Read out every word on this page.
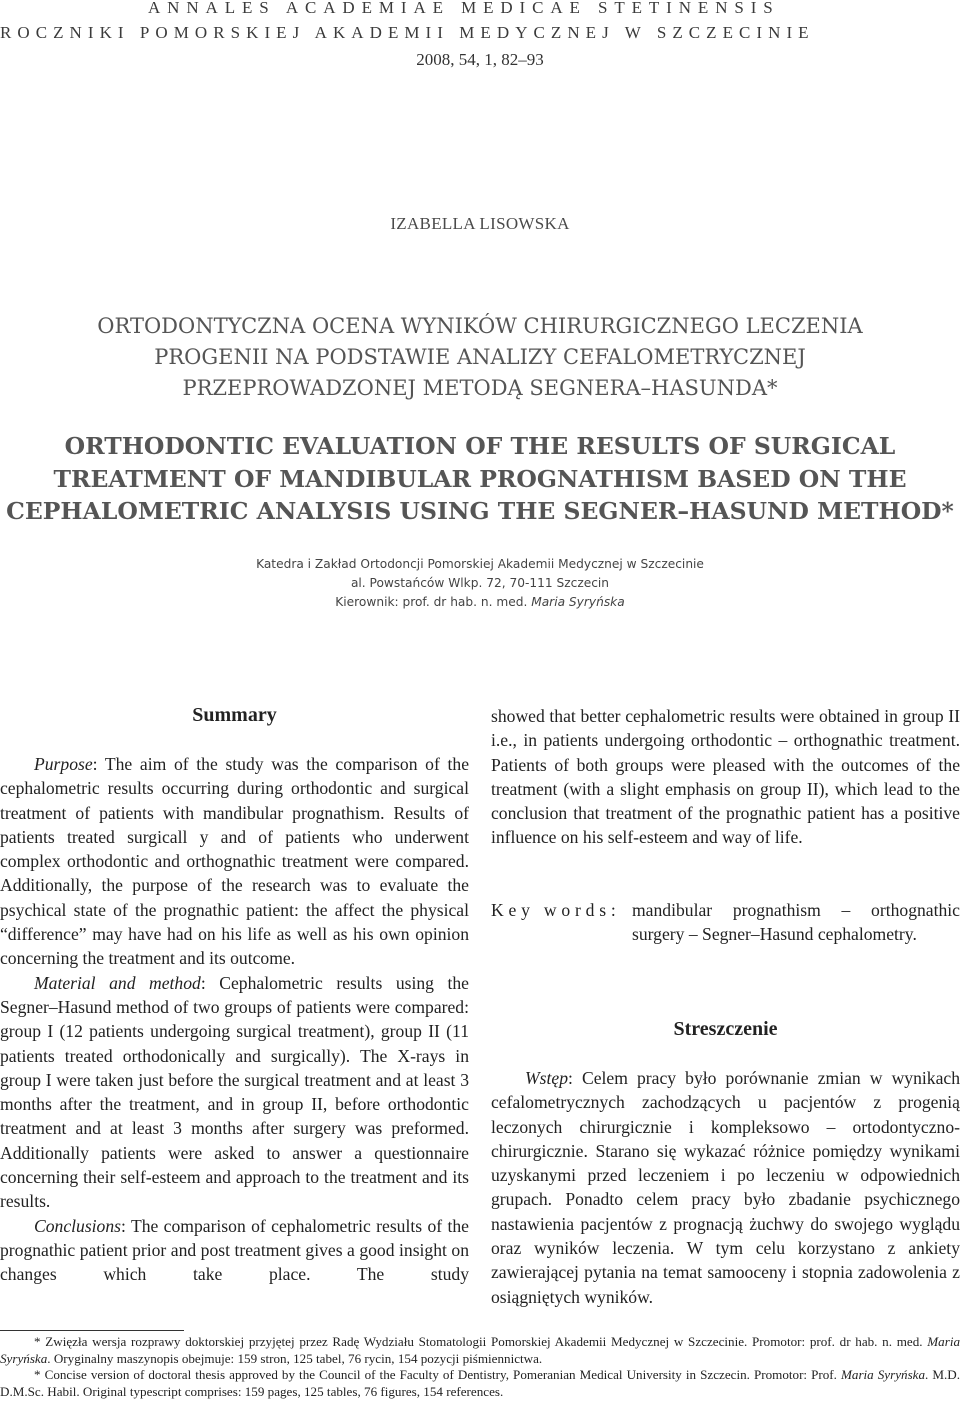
ANNALES ACADEMIAE MEDICAE STETINENSIS
ROCZNIKI POMORSKIEJ AKADEMII MEDYCZNEJ W SZCZECINIE
2008, 54, 1, 82–93
IZABELLA LISOWSKA
ORTODONTYCZNA OCENA WYNIKÓW CHIRURGICZNEGO LECZENIA
PROGENII NA PODSTAWIE ANALIZY CEFALOMETRYCZNEJ
PRZEPROWADZONEJ METODĄ SEGNERA–HASUNDA*
ORTHODONTIC EVALUATION OF THE RESULTS OF SURGICAL
TREATMENT OF MANDIBULAR PROGNATHISM BASED ON THE
CEPHALOMETRIC ANALYSIS USING THE SEGNER–HASUND METHOD*
Katedra i Zakład Ortodoncji Pomorskiej Akademii Medycznej w Szczecinie
al. Powstańców Wlkp. 72, 70-111 Szczecin
Kierownik: prof. dr hab. n. med. Maria Syryńska
Summary

Purpose: The aim of the study was the comparison of the cephalometric results occurring during orthodontic and surgical treatment of patients with mandibular prognathism. Results of patients treated surgicall y and of patients who underwent complex orthodontic and orthognathic treatment were compared. Additionally, the purpose of the research was to evaluate the psychical state of the prognathic patient: the affect the physical “difference” may have had on his life as well as his own opinion concerning the treatment and its outcome.

Material and method: Cephalometric results using the Segner–Hasund method of two groups of patients were compared: group I (12 patients undergoing surgical treatment), group II (11 patients treated orthodonically and surgically). The X-rays in group I were taken just before the surgical treatment and at least 3 months after the treatment, and in group II, before orthodontic treatment and at least 3 months after surgery was preformed. Additionally patients were asked to answer a questionnaire concerning their self-esteem and approach to the treatment and its results.

Conclusions: The comparison of cephalometric results of the prognathic patient prior and post treatment gives a good insight on changes which take place. The study

showed that better cephalometric results were obtained in group II i.e., in patients undergoing orthodontic – orthognathic treatment. Patients of both groups were pleased with the outcomes of the treatment (with a slight emphasis on group II), which lead to the conclusion that treatment of the prognathic patient has a positive influence on his self-esteem and way of life.

Key words: mandibular prognathism – orthognathic surgery – Segner–Hasund cephalometry.
Streszczenie

Wstęp: Celem pracy było porównanie zmian w wynikach cefalometrycznych zachodzących u pacjentów z progenią leczonych chirurgicznie i kompleksowo – ortodontyczno-chirurgicznie. Starano się wykazać różnice pomiędzy wynikami uzyskanymi przed leczeniem i po leczeniu w odpowiednich grupach. Ponadto celem pracy było zbadanie psychicznego nastawienia pacjentów z prognacją żuchwy do swojego wyglądu oraz wyników leczenia. W tym celu korzystano z ankiety zawierającej pytania na temat samooceny i stopnia zadowolenia z osiągniętych wyników.

* Zwięzła wersja rozprawy doktorskiej przyjętej przez Radę Wydziału Stomatologii Pomorskiej Akademii Medycznej w Szczecinie. Promotor: prof. dr hab. n. med. Maria Syryńska. Oryginalny maszynopis obejmuje: 159 stron, 125 tabel, 76 rycin, 154 pozycji piśmiennictwa.

* Concise version of doctoral thesis approved by the Council of the Faculty of Dentistry, Pomeranian Medical University in Szczecin. Promotor: Prof. Maria Syryńska. M.D. D.M.Sc. Habil. Original typescript comprises: 159 pages, 125 tables, 76 figures, 154 references.
